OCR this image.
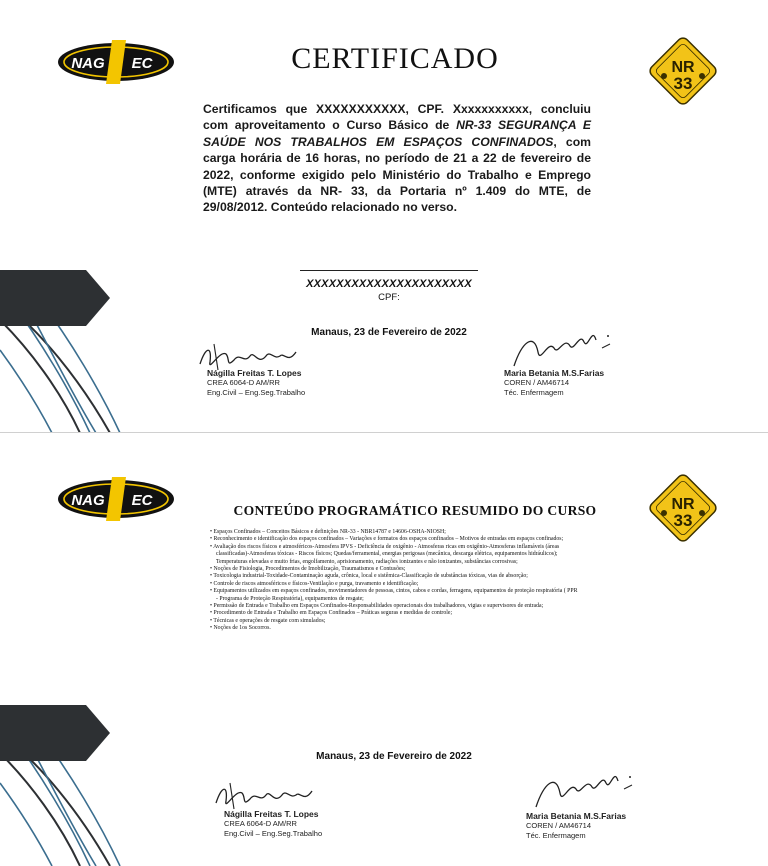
NAG EC	NR
33
CERTIFICADO

Certificamos que XXXXXXXXXXX, CPF. Xxxxxxxxxxx, concluiu com aproveitamento o Curso Básico de NR-33 SEGURANÇA E SAÚDE NOS TRABALHOS EM ESPAÇOS CONFINADOS, com carga horária de 16 horas, no período de 21 a 22 de fevereiro de 2022, conforme exigido pelo Ministério do Trabalho e Emprego (MTE) através da NR- 33, da Portaria nº 1.409 do MTE, de 29/08/2012. Conteúdo relacionado no verso.

XXXXXXXXXXXXXXXXXXXXXX
CPF:
Manaus, 23 de Fevereiro de 2022
Nágilla Freitas T. Lopes
CREA 6064-D AM/RR
Eng.Civil – Eng.Seg.Trabalho
Maria Betania M.S.Farias
COREN / AM46714
Téc. Enfermagem
NAG EC	NR
33
CONTEÚDO PROGRAMÁTICO RESUMIDO DO CURSO
• Espaços Confinados – Conceitos Básicos e definições NR-33 - NBR14787 e 14606-OSHA-NIOSH;
• Reconhecimento e identificação dos espaços confinados – Variações e formatos dos espaços confinados – Motivos de entradas em espaços confinados;
• Avaliação dos riscos físicos e atmosféricos-Atmosfera IPVS - Deficiência de oxigênio - Atmosferas ricas em oxigênio-Atmosferas inflamáveis (áreas classificadas)-Atmosferas tóxicas - Riscos físicos; Quedas/ferramental, energias perigosas (mecânica, descarga elétrica, equipamentos hidráulicos); Temperaturas elevadas e muito frias, engolfamento, aprisionamento, radiações ionizantes e não ionizantes, substâncias corrosivas;
• Noções de Fisiologia, Procedimentos de Imobilização, Traumatismos e Contusões;
• Toxicologia industrial-Toxidade-Contaminação aguda, crônica, local e sistêmica-Classificação de substâncias tóxicas, vias de absorção;
• Controle de riscos atmosféricos e físicos-Ventilação e purga, travamento e identificação;
• Equipamentos utilizados em espaços confinados, movimentadores de pessoas, cintos, cabos e cordas, ferragens, equipamentos de proteção respiratória ( PPR - Programa de Proteção Respiratória), equipamentos de resgate;
• Permissão de Entrada e Trabalho em Espaços Confinados-Responsabilidades operacionais dos trabalhadores, vigias e supervisores de entrada;
• Procedimento de Entrada e Trabalho em Espaços Confinados – Práticas seguras e medidas de controle;
• Técnicas e operações de resgate com simulados;
• Noções de 1os Socorros.
Manaus, 23 de Fevereiro de 2022
Nágilla Freitas T. Lopes
CREA 6064-D AM/RR
Eng.Civil – Eng.Seg.Trabalho
Maria Betania M.S.Farias
COREN / AM46714
Téc. Enfermagem
